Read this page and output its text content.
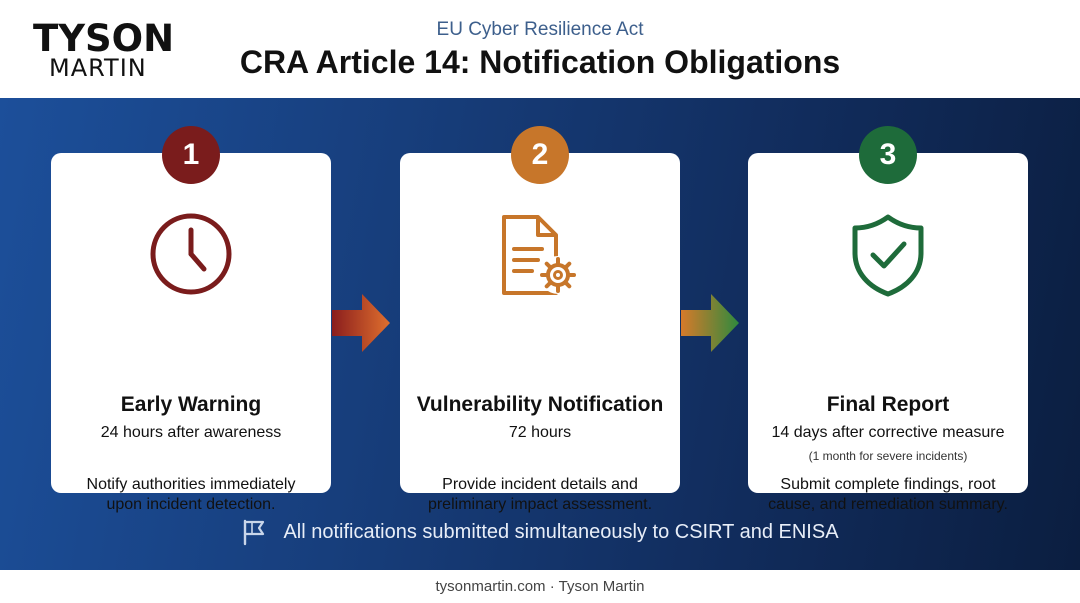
TYSON
MARTIN
EU Cyber Resilience Act
CRA Article 14: Notification Obligations
Early Warning
24 hours after awareness
Notify authorities immediately upon incident detection.
Vulnerability Notification
72 hours
Provide incident details and preliminary impact assessment.
Final Report
14 days after corrective measure
(1 month for severe incidents)
Submit complete findings, root cause, and remediation summary.
1	2	3
All notifications submitted simultaneously to CSIRT and ENISA
tysonmartin.com · Tyson Martin
